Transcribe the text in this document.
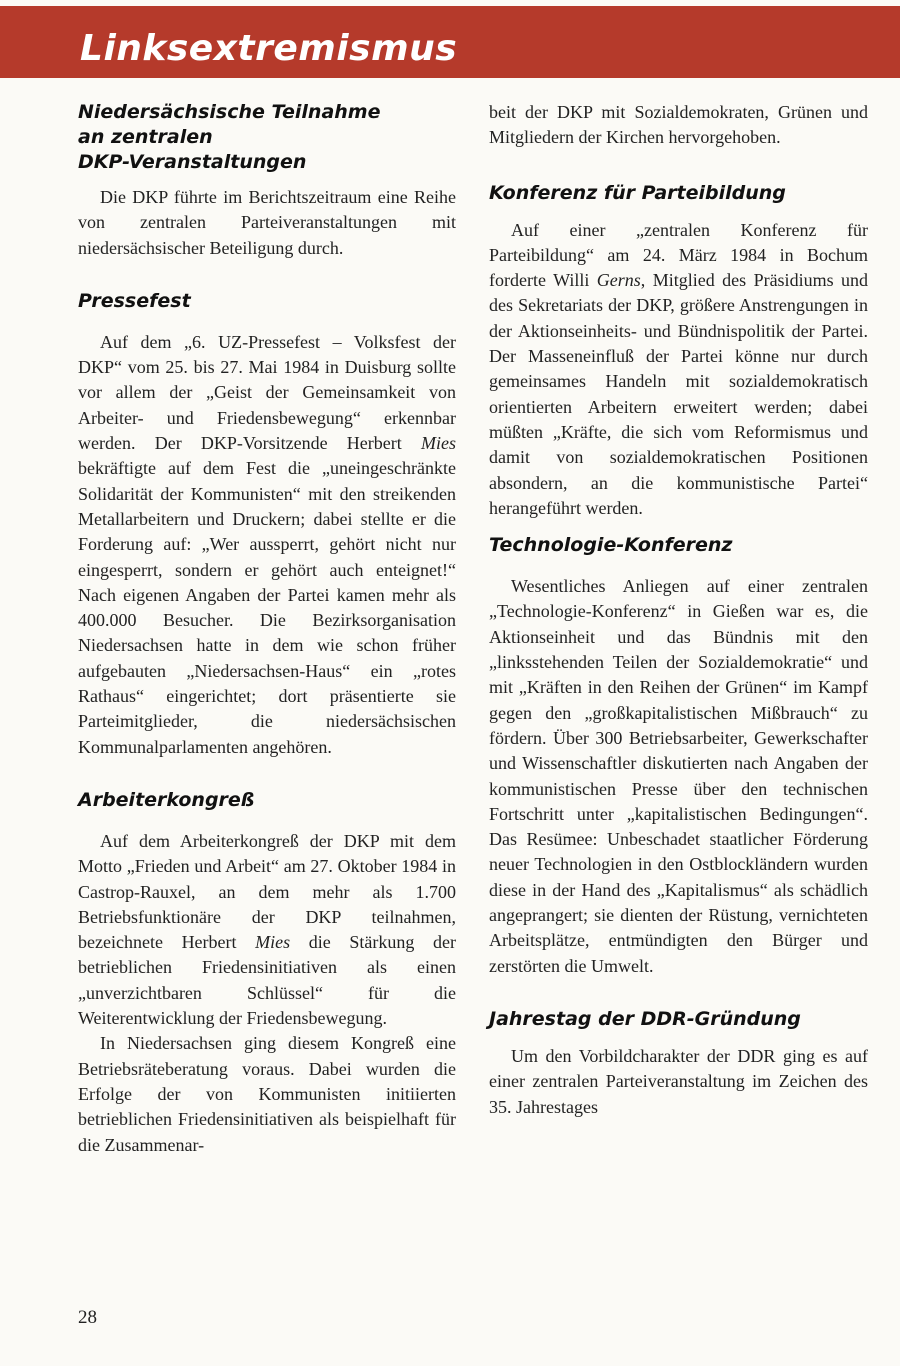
Linksextremismus
Niedersächsische Teilnahme
an zentralen
DKP-Veranstaltungen

Die DKP führte im Berichtszeitraum eine Reihe von zentralen Parteiveranstaltungen mit niedersächsischer Beteiligung durch.

Pressefest

Auf dem „6. UZ-Pressefest – Volksfest der DKP“ vom 25. bis 27. Mai 1984 in Duisburg sollte vor allem der „Geist der Gemeinsamkeit von Arbeiter- und Friedensbewegung“ erkennbar werden. Der DKP-Vorsitzende Herbert Mies bekräftigte auf dem Fest die „uneingeschränkte Solidarität der Kommunisten“ mit den streikenden Metallarbeitern und Druckern; dabei stellte er die Forderung auf: „Wer aussperrt, gehört nicht nur eingesperrt, sondern er gehört auch enteignet!“ Nach eigenen Angaben der Partei kamen mehr als 400.000 Besucher. Die Bezirksorganisation Niedersachsen hatte in dem wie schon früher aufgebauten „Niedersachsen-Haus“ ein „rotes Rathaus“ eingerichtet; dort präsentierte sie Parteimitglieder, die niedersächsischen Kommunalparlamenten angehören.

Arbeiterkongreß

Auf dem Arbeiterkongreß der DKP mit dem Motto „Frieden und Arbeit“ am 27. Oktober 1984 in Castrop-Rauxel, an dem mehr als 1.700 Betriebsfunktionäre der DKP teilnahmen, bezeichnete Herbert Mies die Stärkung der betrieblichen Friedensinitiativen als einen „unverzichtbaren Schlüssel“ für die Weiterentwicklung der Friedensbewegung.

In Niedersachsen ging diesem Kongreß eine Betriebsräteberatung voraus. Dabei wurden die Erfolge der von Kommunisten initiierten betrieblichen Friedensinitiativen als beispielhaft für die Zusammenar-

beit der DKP mit Sozialdemokraten, Grünen und Mitgliedern der Kirchen hervorgehoben.

Konferenz für Parteibildung

Auf einer „zentralen Konferenz für Parteibildung“ am 24. März 1984 in Bochum forderte Willi Gerns, Mitglied des Präsidiums und des Sekretariats der DKP, größere Anstrengungen in der Aktionseinheits- und Bündnispolitik der Partei. Der Masseneinfluß der Partei könne nur durch gemeinsames Handeln mit sozialdemokratisch orientierten Arbeitern erweitert werden; dabei müßten „Kräfte, die sich vom Reformismus und damit von sozialdemokratischen Positionen absondern, an die kommunistische Partei“ herangeführt werden.

Technologie-Konferenz

Wesentliches Anliegen auf einer zentralen „Technologie-Konferenz“ in Gießen war es, die Aktionseinheit und das Bündnis mit den „linksstehenden Teilen der Sozialdemokratie“ und mit „Kräften in den Reihen der Grünen“ im Kampf gegen den „großkapitalistischen Mißbrauch“ zu fördern. Über 300 Betriebsarbeiter, Gewerkschafter und Wissenschaftler diskutierten nach Angaben der kommunistischen Presse über den technischen Fortschritt unter „kapitalistischen Bedingungen“. Das Resümee: Unbeschadet staatlicher Förderung neuer Technologien in den Ostblockländern wurden diese in der Hand des „Kapitalismus“ als schädlich angeprangert; sie dienten der Rüstung, vernichteten Arbeitsplätze, entmündigten den Bürger und zerstörten die Umwelt.

Jahrestag der DDR-Gründung

Um den Vorbildcharakter der DDR ging es auf einer zentralen Parteiveranstaltung im Zeichen des 35. Jahrestages

28
